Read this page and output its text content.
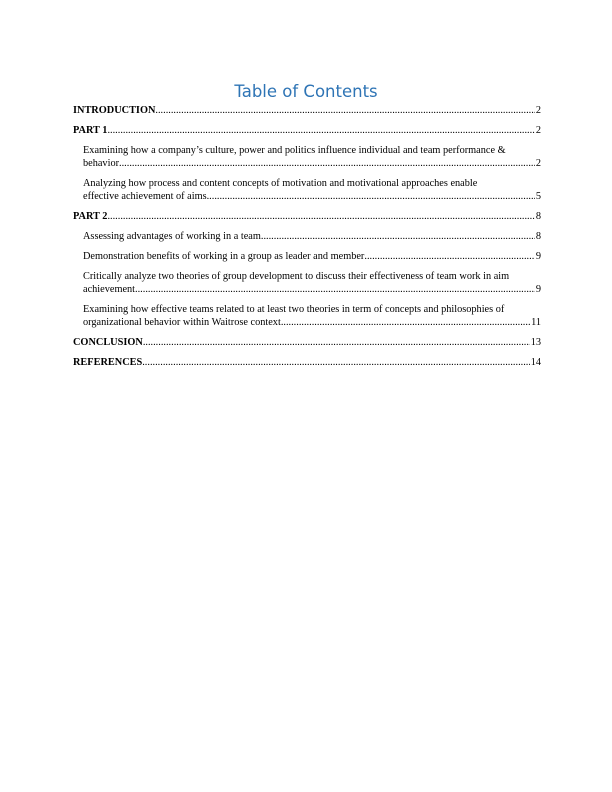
Table of Contents
INTRODUCTION .....	2
PART 1 .....	2
Examining how a company’s culture, power and politics influence individual and team performance &
behavior .....	2
Analyzing how process and content concepts of motivation and motivational approaches enable
effective achievement of aims .....	5
PART 2 .....	8
Assessing advantages of working in a team .....	8
Demonstration benefits of working in a group as leader and member .....	9
Critically analyze two theories of group development to discuss their effectiveness of team work in aim
achievement .....	9
Examining how effective teams related to at least two theories in term of concepts and philosophies of
organizational behavior within Waitrose context .....	11
CONCLUSION .....	13
REFERENCES .....	14
